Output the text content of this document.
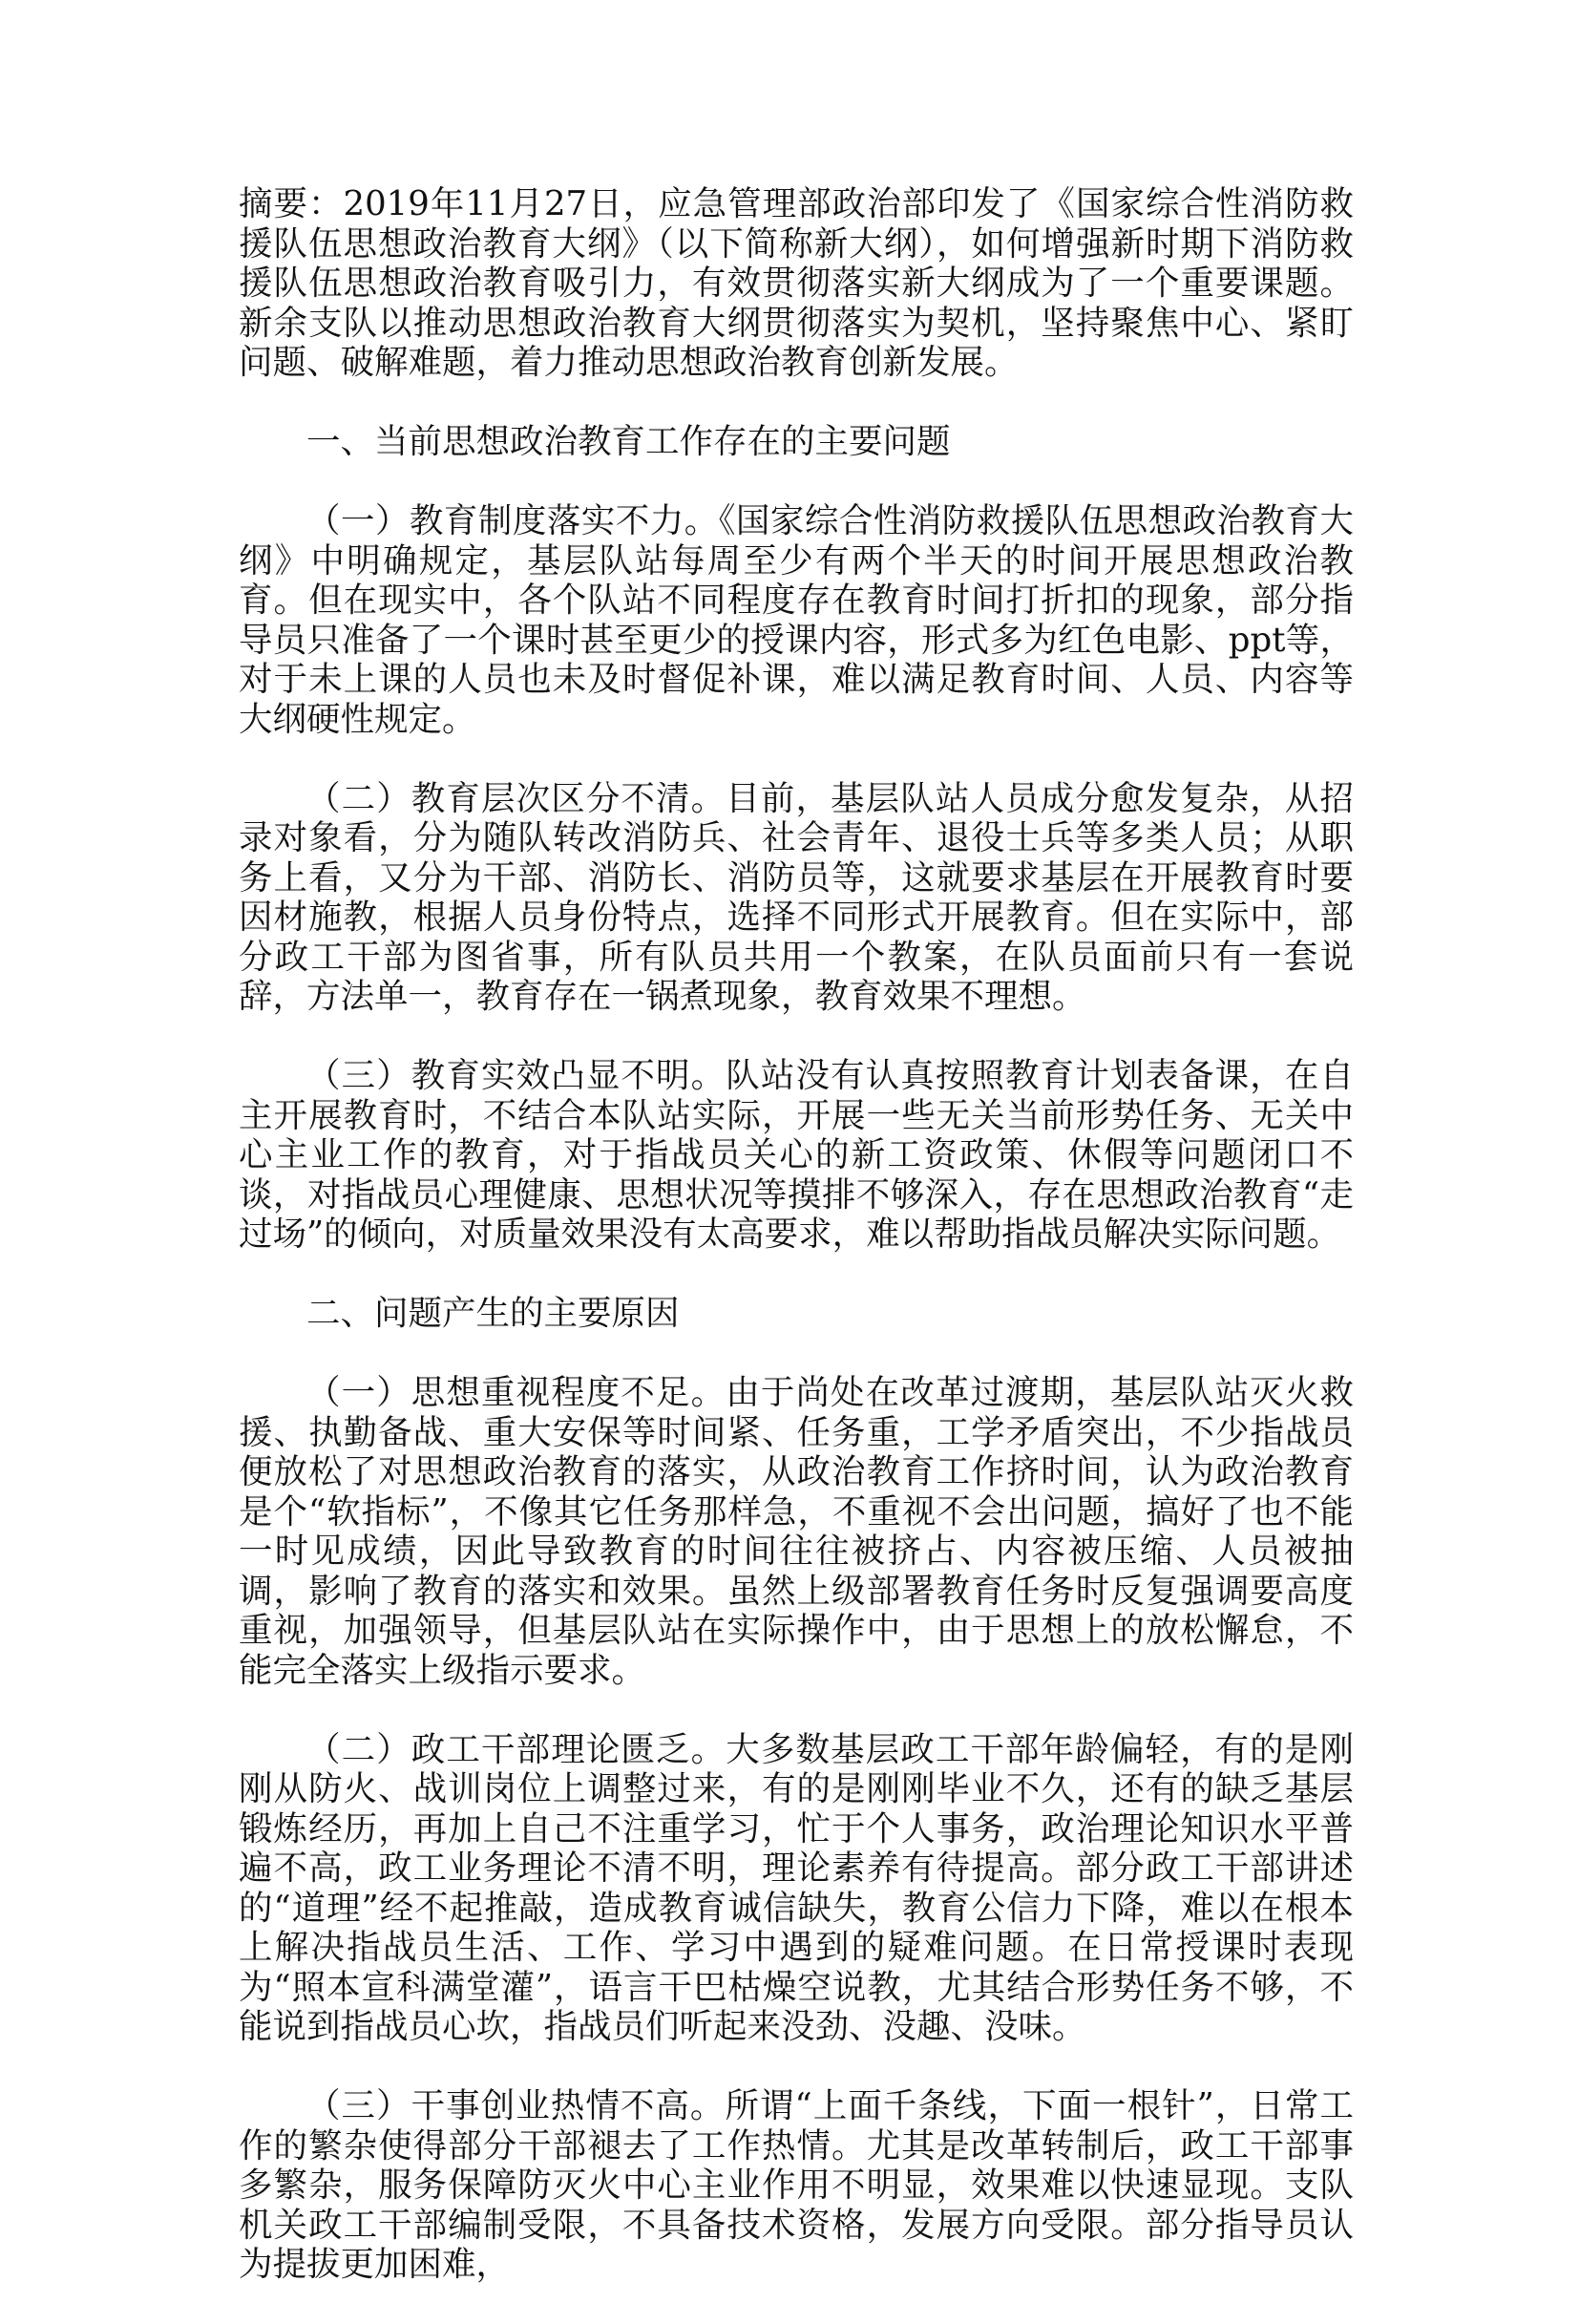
摘要：2019年11月27日，应急管理部政治部印发了《国家综合性消防救援队伍思想政治教育大纲》（以下简称新大纲），如何增强新时期下消防救援队伍思想政治教育吸引力，有效贯彻落实新大纲成为了一个重要课题。新余支队以推动思想政治教育大纲贯彻落实为契机，坚持聚焦中心、紧盯问题、破解难题，着力推动思想政治教育创新发展。

一、当前思想政治教育工作存在的主要问题

（一）教育制度落实不力。《国家综合性消防救援队伍思想政治教育大纲》中明确规定，基层队站每周至少有两个半天的时间开展思想政治教育。但在现实中，各个队站不同程度存在教育时间打折扣的现象，部分指导员只准备了一个课时甚至更少的授课内容，形式多为红色电影、ppt等，对于未上课的人员也未及时督促补课，难以满足教育时间、人员、内容等大纲硬性规定。

（二）教育层次区分不清。目前，基层队站人员成分愈发复杂，从招录对象看，分为随队转改消防兵、社会青年、退役士兵等多类人员；从职务上看，又分为干部、消防长、消防员等，这就要求基层在开展教育时要因材施教，根据人员身份特点，选择不同形式开展教育。但在实际中，部分政工干部为图省事，所有队员共用一个教案，在队员面前只有一套说辞，方法单一，教育存在一锅煮现象，教育效果不理想。

（三）教育实效凸显不明。队站没有认真按照教育计划表备课，在自主开展教育时，不结合本队站实际，开展一些无关当前形势任务、无关中心主业工作的教育，对于指战员关心的新工资政策、休假等问题闭口不谈，对指战员心理健康、思想状况等摸排不够深入，存在思想政治教育“走过场”的倾向，对质量效果没有太高要求，难以帮助指战员解决实际问题。

二、问题产生的主要原因

（一）思想重视程度不足。由于尚处在改革过渡期，基层队站灭火救援、执勤备战、重大安保等时间紧、任务重，工学矛盾突出，不少指战员便放松了对思想政治教育的落实，从政治教育工作挤时间，认为政治教育是个“软指标”，不像其它任务那样急，不重视不会出问题，搞好了也不能一时见成绩，因此导致教育的时间往往被挤占、内容被压缩、人员被抽调，影响了教育的落实和效果。虽然上级部署教育任务时反复强调要高度重视，加强领导，但基层队站在实际操作中，由于思想上的放松懈怠，不能完全落实上级指示要求。

（二）政工干部理论匮乏。大多数基层政工干部年龄偏轻，有的是刚刚从防火、战训岗位上调整过来，有的是刚刚毕业不久，还有的缺乏基层锻炼经历，再加上自己不注重学习，忙于个人事务，政治理论知识水平普遍不高，政工业务理论不清不明，理论素养有待提高。部分政工干部讲述的“道理”经不起推敲，造成教育诚信缺失，教育公信力下降，难以在根本上解决指战员生活、工作、学习中遇到的疑难问题。在日常授课时表现为“照本宣科满堂灌”，语言干巴枯燥空说教，尤其结合形势任务不够，不能说到指战员心坎，指战员们听起来没劲、没趣、没味。

（三）干事创业热情不高。所谓“上面千条线，下面一根针”，日常工作的繁杂使得部分干部褪去了工作热情。尤其是改革转制后，政工干部事多繁杂，服务保障防灭火中心主业作用不明显，效果难以快速显现。支队机关政工干部编制受限，不具备技术资格，发展方向受限。部分指导员认为提拔更加困难，
